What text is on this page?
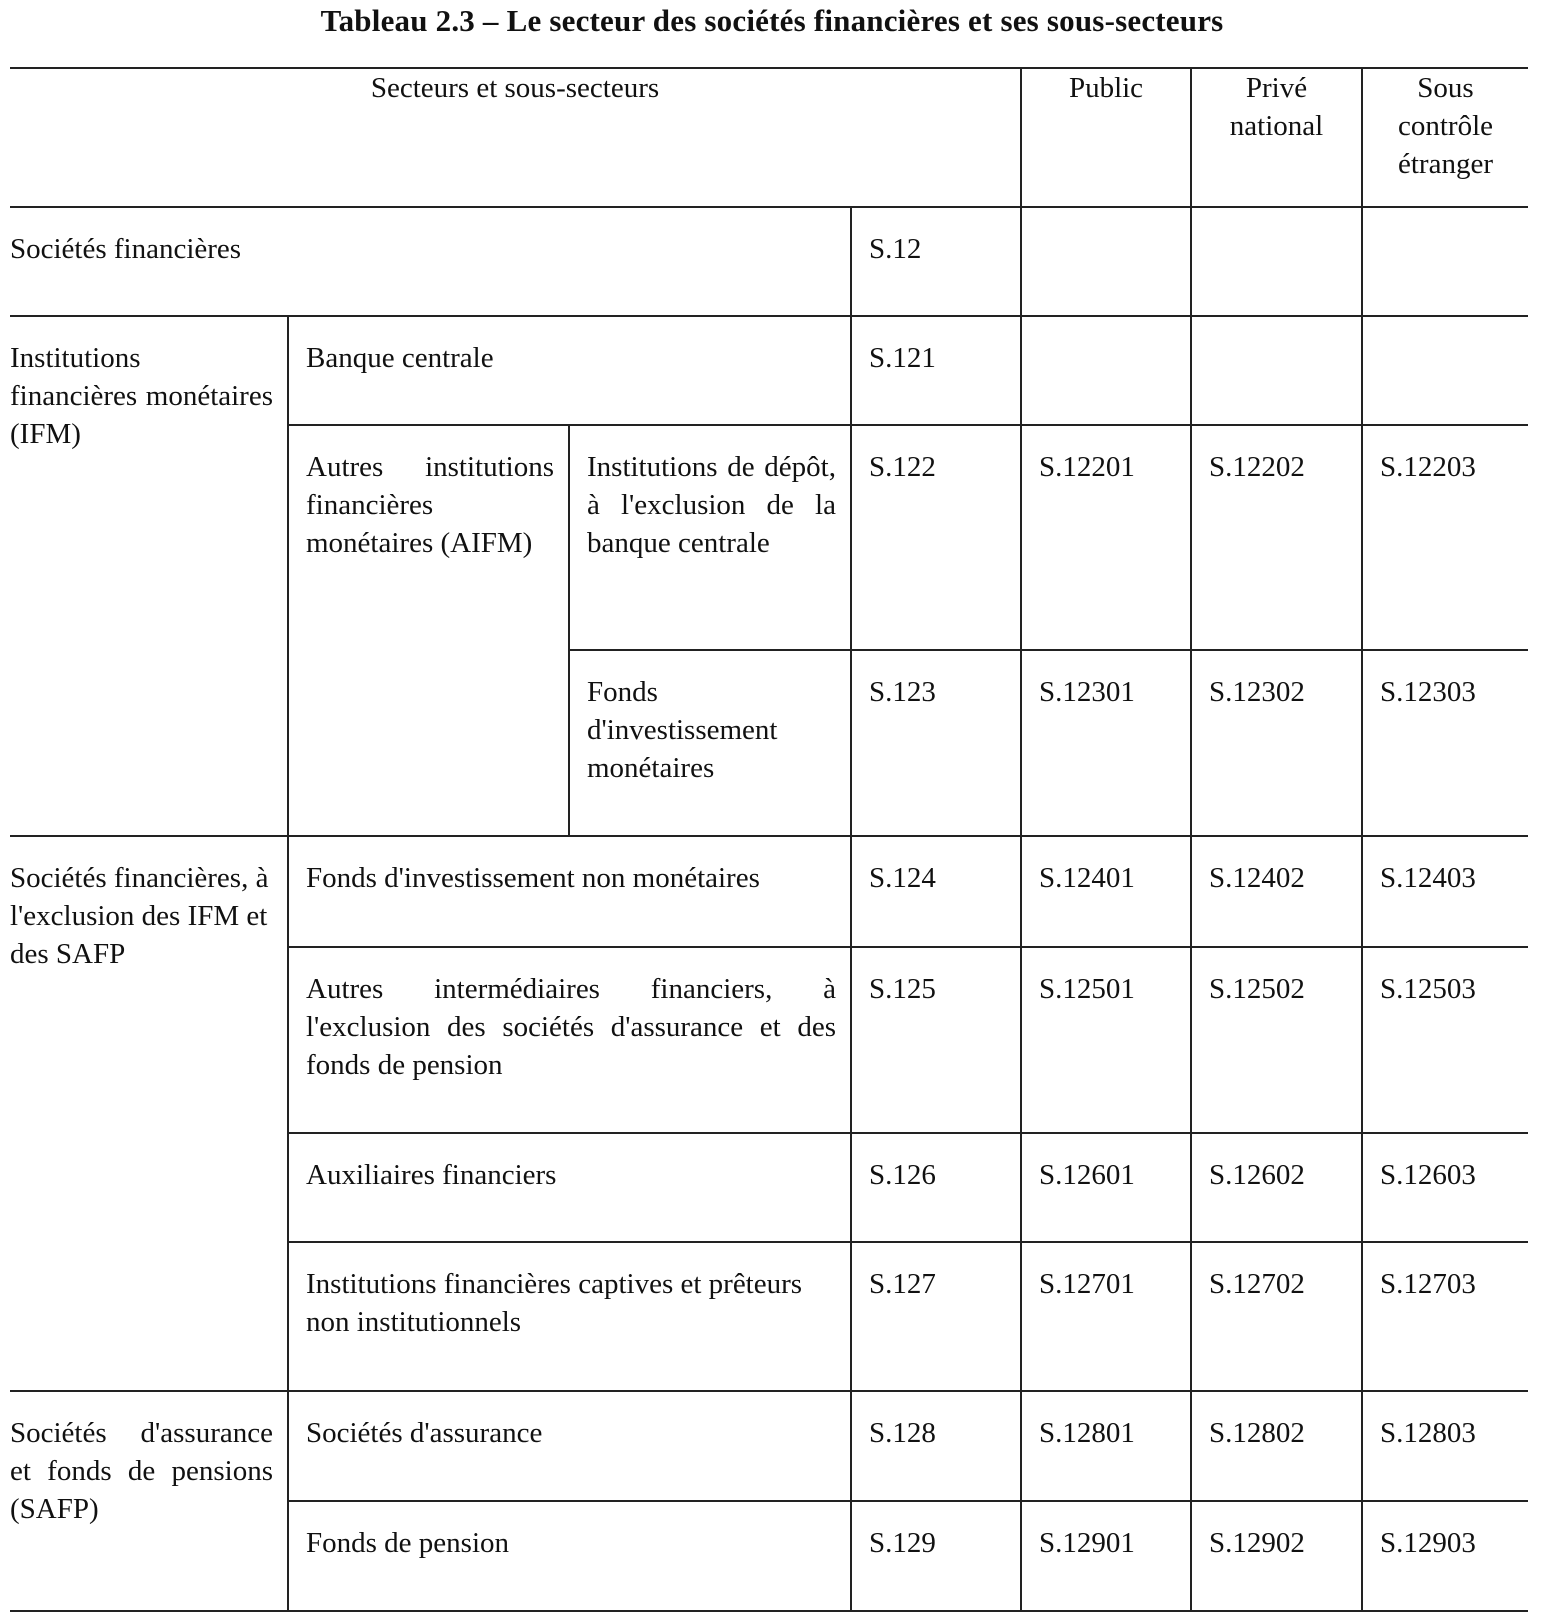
Tableau 2.3 – Le secteur des sociétés financières et ses sous-secteurs
Secteurs et sous-secteurs				Public	Privé national	Sous contrôle étranger
Sociétés financières			S.12			
Institutions financières monétaires (IFM)	Banque centrale		S.121			
	Autres institutions financières monétaires (AIFM)	Institutions de dépôt, à l'exclusion de la banque centrale	S.122	S.12201	S.12202	S.12203
		Fonds d'investissement monétaires	S.123	S.12301	S.12302	S.12303
Sociétés financières, à l'exclusion des IFM et des SAFP	Fonds d'investissement non monétaires		S.124	S.12401	S.12402	S.12403
	Autres intermédiaires financiers, à l'exclusion des sociétés d'assurance et des fonds de pension		S.125	S.12501	S.12502	S.12503
	Auxiliaires financiers		S.126	S.12601	S.12602	S.12603
	Institutions financières captives et prêteurs non institutionnels		S.127	S.12701	S.12702	S.12703
Sociétés d'assurance et fonds de pensions (SAFP)	Sociétés d'assurance		S.128	S.12801	S.12802	S.12803
	Fonds de pension		S.129	S.12901	S.12902	S.12903
